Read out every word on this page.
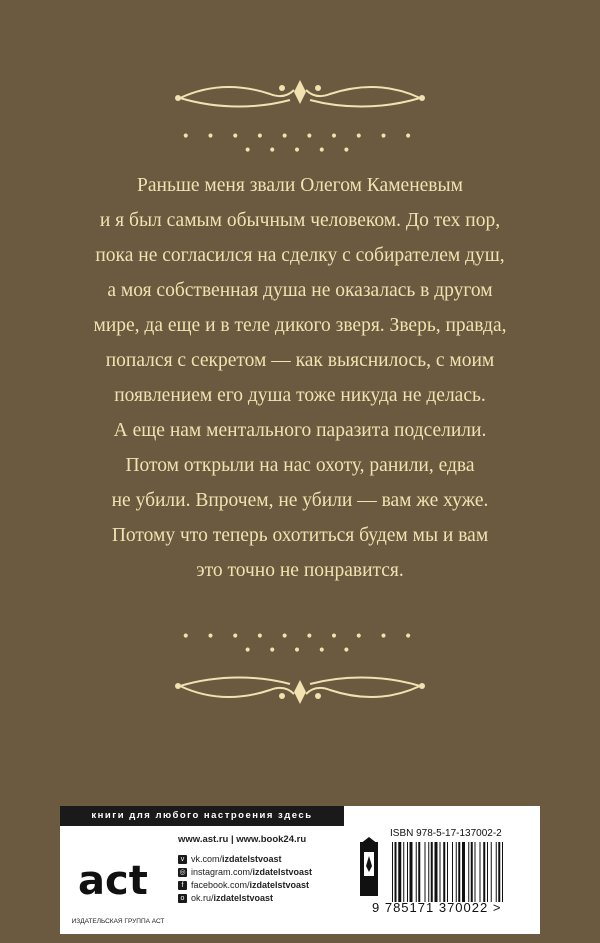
• • • • • • • • • • • • • • •
Раньше меня звали Олегом Каменевым
и я был самым обычным человеком. До тех пор,
пока не согласился на сделку с собирателем душ,
а моя собственная душа не оказалась в другом
мире, да еще и в теле дикого зверя. Зверь, правда,
попался с секретом — как выяснилось, с моим
появлением его душа тоже никуда не делась.
А еще нам ментального паразита подселили.
Потом открыли на нас охоту, ранили, едва
не убили. Впрочем, не убили — вам же хуже.
Потому что теперь охотиться будем мы и вам
это точно не понравится.
• • • • • • • • • • • • • • •
книги для любого настроения здесь
act
ИЗДАТЕЛЬСКАЯ ГРУППА АСТ
www.ast.ru | www.book24.ru
v vk.com/ izdatelstvoast
◎ instagram.com/ izdatelstvoast
f facebook.com/ izdatelstvoast
o ok.ru/ izdatelstvoast
ISBN 978-5-17-137002-2
9 785171 370022 >
